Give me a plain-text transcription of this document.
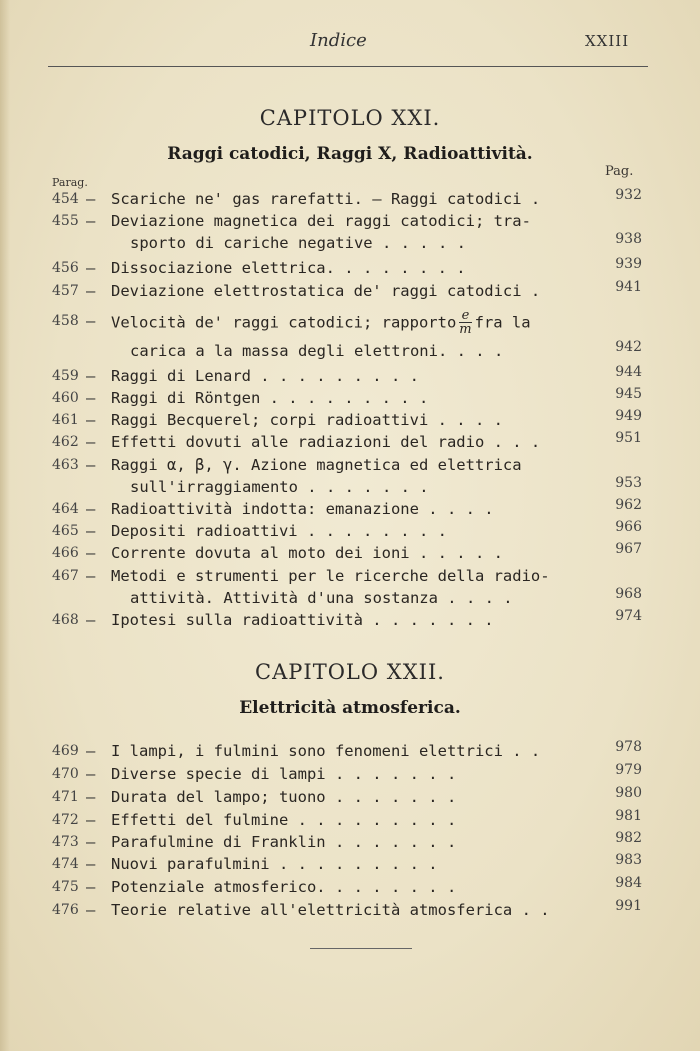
Indice	XXIII
CAPITOLO XXI.
Raggi catodici, Raggi X, Radioattività.
Parag.
Pag.
454 — Scariche ne' gas rarefatti. — Raggi catodici .	932
455 — Deviazione magnetica dei raggi catodici; tra-
sporto di cariche negative . . . . .	938
456 — Dissociazione elettrica. . . . . . . .	939
457 — Deviazione elettrostatica de' raggi catodici .	941
458 — Velocità de' raggi catodici; rapporto $\frac{e}{m}$ fra la
carica a la massa degli elettroni. . . .	942
459 — Raggi di Lenard . . . . . . . . .	944
460 — Raggi di Röntgen . . . . . . . . .	945
461 — Raggi Becquerel; corpi radioattivi . . . .	949
462 — Effetti dovuti alle radiazioni del radio . . .	951
463 — Raggi α, β, γ. Azione magnetica ed elettrica
sull'irraggiamento . . . . . . .	953
464 — Radioattività indotta: emanazione . . . .	962
465 — Depositi radioattivi . . . . . . . .	966
466 — Corrente dovuta al moto dei ioni . . . . .	967
467 — Metodi e strumenti per le ricerche della radio-
attività. Attività d'una sostanza . . . .	968
468 — Ipotesi sulla radioattività . . . . . . .	974
CAPITOLO XXII.
Elettricità atmosferica.
469 — I lampi, i fulmini sono fenomeni elettrici . .	978
470 — Diverse specie di lampi . . . . . . .	979
471 — Durata del lampo; tuono . . . . . . .	980
472 — Effetti del fulmine . . . . . . . . .	981
473 — Parafulmine di Franklin . . . . . . .	982
474 — Nuovi parafulmini . . . . . . . . .	983
475 — Potenziale atmosferico. . . . . . . .	984
476 — Teorie relative all'elettricità atmosferica . .	991
